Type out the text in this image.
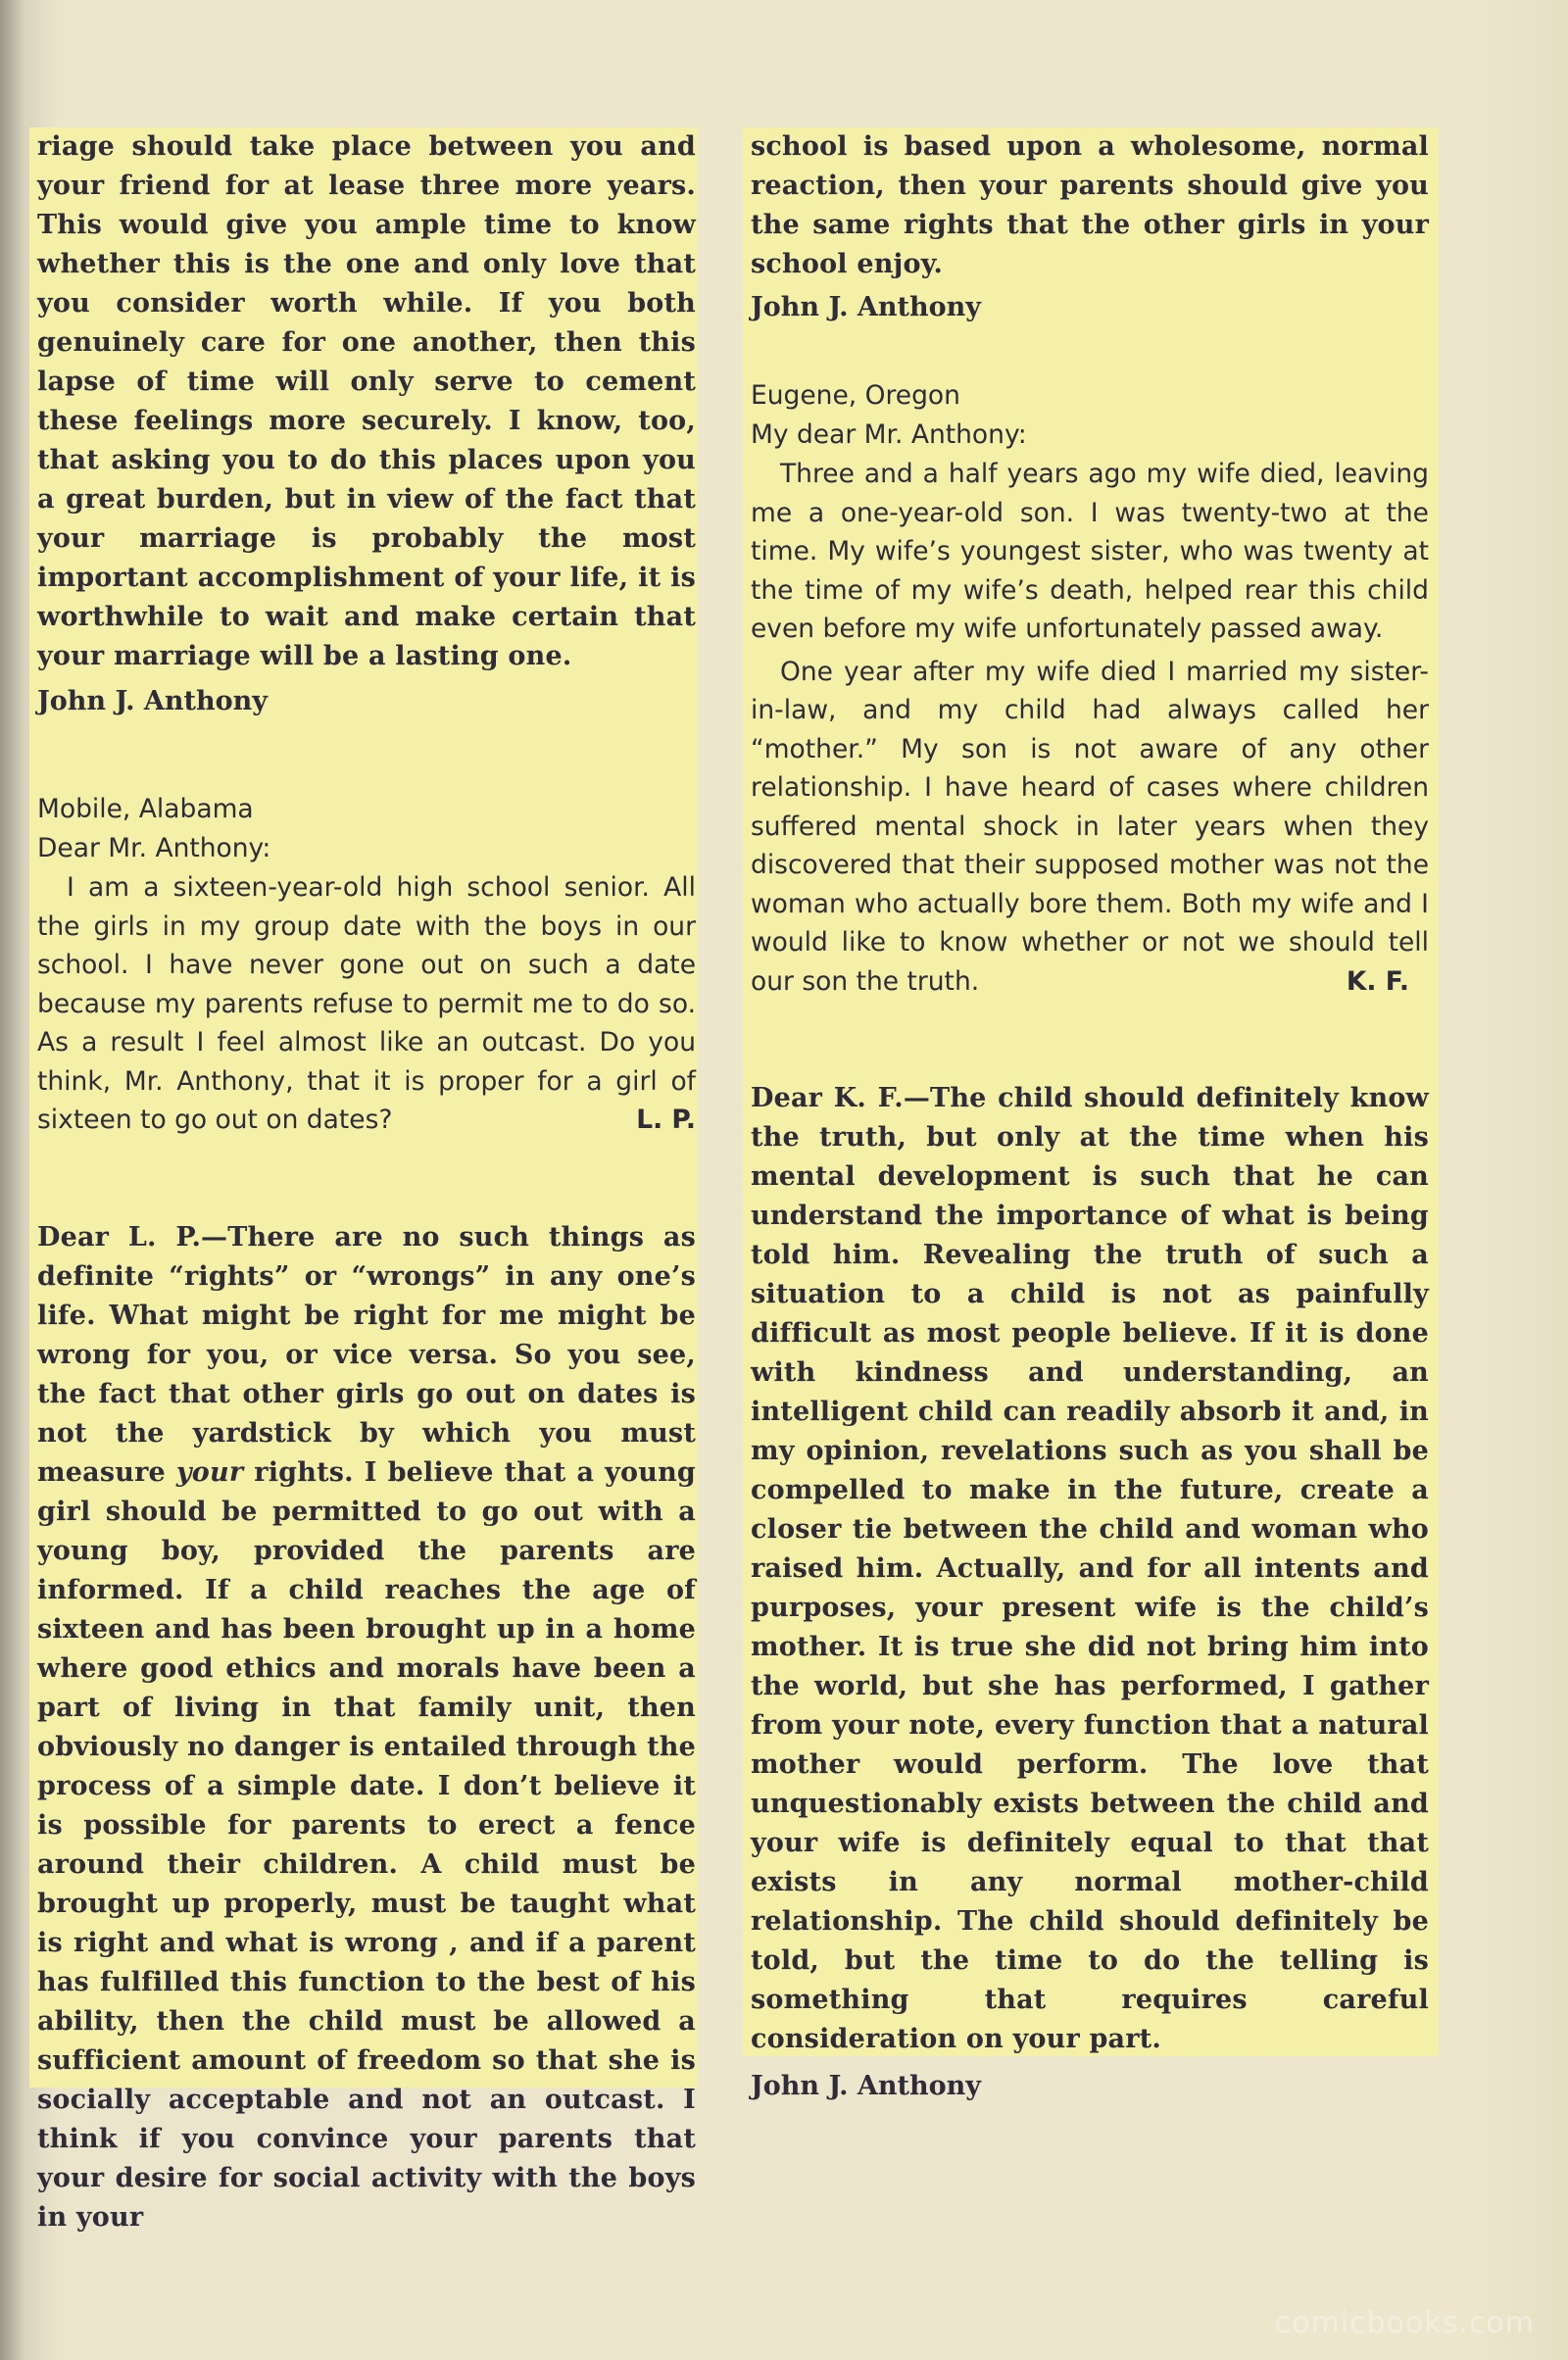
riage should take place between you and your friend for at lease three more years. This would give you ample time to know whether this is the one and only love that you consider worth while. If you both genuinely care for one another, then this lapse of time will only serve to cement these feelings more securely. I know, too, that asking you to do this places upon you a great burden, but in view of the fact that your marriage is probably the most important accomplishment of your life, it is worthwhile to wait and make certain that your marriage will be a lasting one.

John J. Anthony

Mobile, Alabama

Dear Mr. Anthony:

I am a sixteen-year-old high school senior. All the girls in my group date with the boys in our school. I have never gone out on such a date because my parents refuse to permit me to do so. As a result I feel almost like an outcast. Do you think, Mr. Anthony, that it is proper for a girl of sixteen to go out on dates?	L. P.

Dear L. P.—There are no such things as definite “rights” or “wrongs” in any one’s life. What might be right for me might be wrong for you, or vice versa. So you see, the fact that other girls go out on dates is not the yardstick by which you must measure your rights. I believe that a young girl should be permitted to go out with a young boy, provided the parents are informed. If a child reaches the age of sixteen and has been brought up in a home where good ethics and morals have been a part of living in that family unit, then obviously no danger is entailed through the process of a simple date. I don’t believe it is possible for parents to erect a fence around their children. A child must be brought up properly, must be taught what is right and what is wrong , and if a parent has fulfilled this function to the best of his ability, then the child must be allowed a sufficient amount of freedom so that she is socially acceptable and not an outcast. I think if you convince your parents that your desire for social activity with the boys in your

school is based upon a wholesome, normal reaction, then your parents should give you the same rights that the other girls in your school enjoy.

John J. Anthony

Eugene, Oregon

My dear Mr. Anthony:

Three and a half years ago my wife died, leaving me a one-year-old son. I was twenty-two at the time. My wife’s youngest sister, who was twenty at the time of my wife’s death, helped rear this child even before my wife unfortunately passed away.

One year after my wife died I married my sister-in-law, and my child had always called her “mother.” My son is not aware of any other relationship. I have heard of cases where children suffered mental shock in later years when they discovered that their supposed mother was not the woman who actually bore them. Both my wife and I would like to know whether or not we should tell our son the truth.	K. F.

Dear K. F.—The child should definitely know the truth, but only at the time when his mental development is such that he can understand the importance of what is being told him. Revealing the truth of such a situation to a child is not as painfully difficult as most people believe. If it is done with kindness and understanding, an intelligent child can readily absorb it and, in my opinion, revelations such as you shall be compelled to make in the future, create a closer tie between the child and woman who raised him. Actually, and for all intents and purposes, your present wife is the child’s mother. It is true she did not bring him into the world, but she has performed, I gather from your note, every function that a natural mother would perform. The love that unquestionably exists between the child and your wife is definitely equal to that that exists in any normal mother-child relationship. The child should definitely be told, but the time to do the telling is something that requires careful consideration on your part.

John J. Anthony

comicbooks.com
